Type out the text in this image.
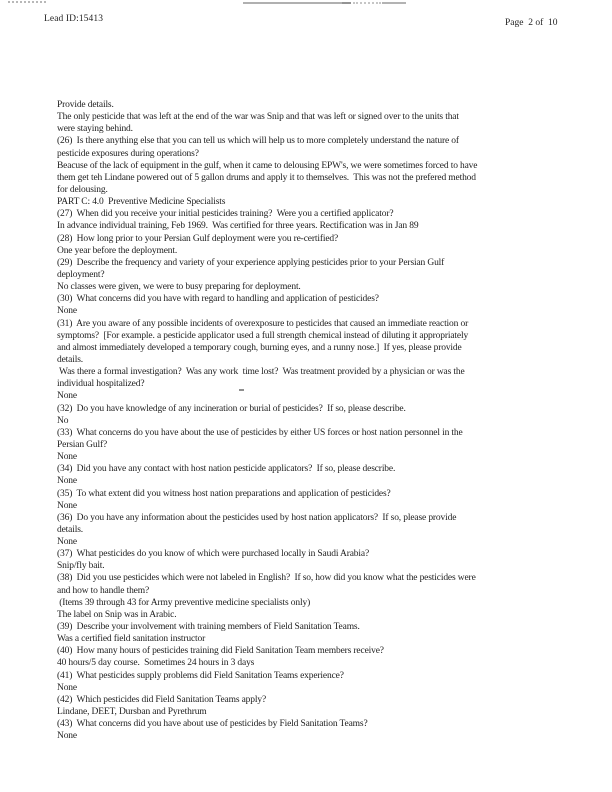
Lead ID:15413	Page  2 of  10
Provide details.
The only pesticide that was left at the end of the war was Snip and that was left or signed over to the units that
were staying behind.
(26)  Is there anything else that you can tell us which will help us to more completely understand the nature of
pesticide exposures during operations?
Beacuse of the lack of equipment in the gulf, when it came to delousing EPW's, we were sometimes forced to have
them get teh Lindane powered out of 5 gallon drums and apply it to themselves.  This was not the prefered method
for delousing.
PART C: 4.0  Preventive Medicine Specialists
(27)  When did you receive your initial pesticides training?  Were you a certified applicator?
In advance individual training, Feb 1969.  Was certified for three years. Rectification was in Jan 89
(28)  How long prior to your Persian Gulf deployment were you re-certified?
One year before the deployment.
(29)  Describe the frequency and variety of your experience applying pesticides prior to your Persian Gulf
deployment?
No classes were given, we were to busy preparing for deployment.
(30)  What concerns did you have with regard to handling and application of pesticides?
None
(31)  Are you aware of any possible incidents of overexposure to pesticides that caused an immediate reaction or
symptoms?  [For example. a pesticide applicator used a full strength chemical instead of diluting it appropriately
and almost immediately developed a temporary cough, burning eyes, and a runny nose.]  If yes, please provide
details.
Was there a formal investigation?  Was any work  time lost?  Was treatment provided by a physician or was the
individual hospitalized?
None
(32)  Do you have knowledge of any incineration or burial of pesticides?  If so, please describe.
No
(33)  What concerns do you have about the use of pesticides by either US forces or host nation personnel in the
Persian Gulf?
None
(34)  Did you have any contact with host nation pesticide applicators?  If so, please describe.
None
(35)  To what extent did you witness host nation preparations and application of pesticides?
None
(36)  Do you have any information about the pesticides used by host nation applicators?  If so, please provide
details.
None
(37)  What pesticides do you know of which were purchased locally in Saudi Arabia?
Snip/fly bait.
(38)  Did you use pesticides which were not labeled in English?  If so, how did you know what the pesticides were
and how to handle them?
(Items 39 through 43 for Army preventive medicine specialists only)
The label on Snip was in Arabic.
(39)  Describe your involvement with training members of Field Sanitation Teams.
Was a certified field sanitation instructor
(40)  How many hours of pesticides training did Field Sanitation Team members receive?
40 hours/5 day course.  Sometimes 24 hours in 3 days
(41)  What pesticides supply problems did Field Sanitation Teams experience?
None
(42)  Which pesticides did Field Sanitation Teams apply?
Lindane, DEET, Dursban and Pyrethrum
(43)  What concerns did you have about use of pesticides by Field Sanitation Teams?
None
